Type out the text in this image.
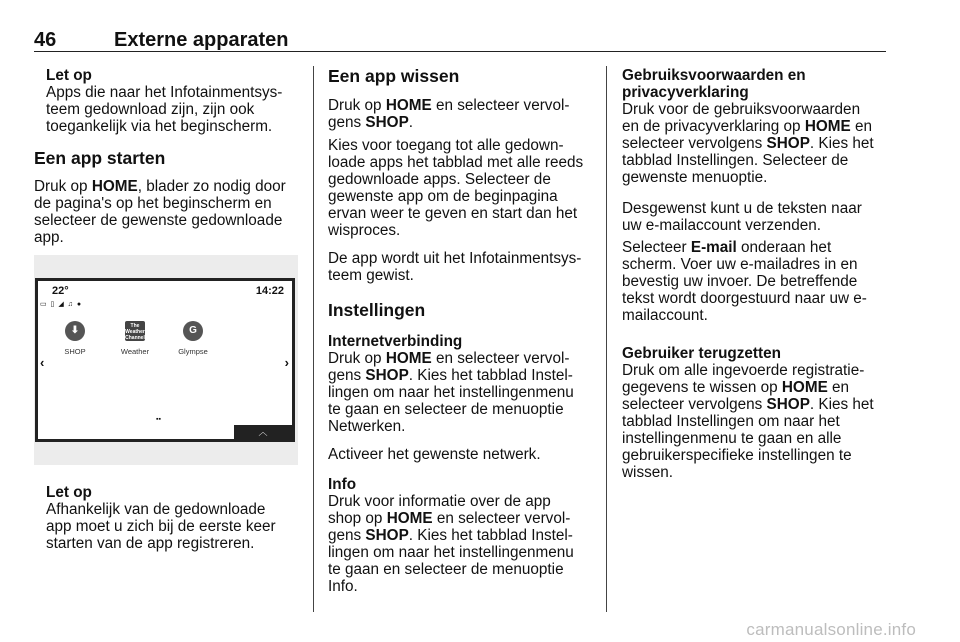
46	Externe apparaten

Let op

Apps die naar het Infotainmentsys-

teem gedownload zijn, zijn ook

toegankelijk via het beginscherm.

Een app starten

Druk op HOME, blader zo nodig door

de pagina's op het beginscherm en

selecteer de gewenste gedownloade

app.

22°	14:22
▭ ▯ ◢ ♫ ●
⬇
SHOP
The Weather Channel
Weather
G
Glympse
‹	›
▪▪
︿

Let op

Afhankelijk van de gedownloade

app moet u zich bij de eerste keer

starten van de app registreren.

Een app wissen

Druk op HOME en selecteer vervol-

gens SHOP.

Kies voor toegang tot alle gedown-

loade apps het tabblad met alle reeds

gedownloade apps. Selecteer de

gewenste app om de beginpagina

ervan weer te geven en start dan het

wisproces.

De app wordt uit het Infotainmentsys-

teem gewist.

Instellingen

Internetverbinding

Druk op HOME en selecteer vervol-

gens SHOP. Kies het tabblad Instel-

lingen om naar het instellingenmenu

te gaan en selecteer de menuoptie

Netwerken.

Activeer het gewenste netwerk.

Info

Druk voor informatie over de app

shop op HOME en selecteer vervol-

gens SHOP. Kies het tabblad Instel-

lingen om naar het instellingenmenu

te gaan en selecteer de menuoptie

Info.

Gebruiksvoorwaarden en

privacyverklaring

Druk voor de gebruiksvoorwaarden

en de privacyverklaring op HOME en

selecteer vervolgens SHOP. Kies het

tabblad Instellingen. Selecteer de

gewenste menuoptie.

Desgewenst kunt u de teksten naar

uw e-mailaccount verzenden.

Selecteer E-mail onderaan het

scherm. Voer uw e-mailadres in en

bevestig uw invoer. De betreffende

tekst wordt doorgestuurd naar uw e-

mailaccount.

Gebruiker terugzetten

Druk om alle ingevoerde registratie-

gegevens te wissen op HOME en

selecteer vervolgens SHOP. Kies het

tabblad Instellingen om naar het

instellingenmenu te gaan en alle

gebruikerspecifieke instellingen te

wissen.

carmanualsonline.info
